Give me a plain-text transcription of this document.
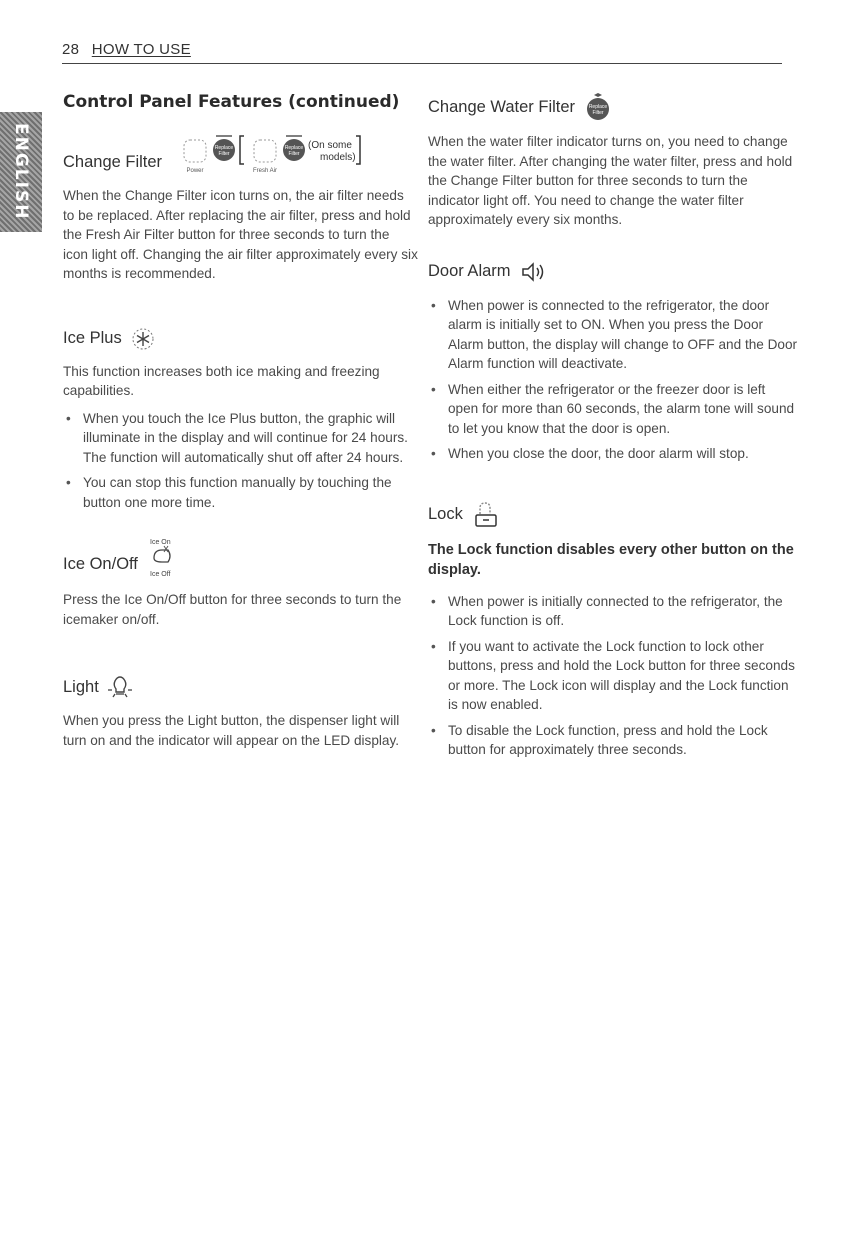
28 HOW TO USE
ENGLISH
Control Panel Features (continued)
Change Filter	Power
Replace
Filter
Fresh Air
Replace
Filter
(On some
models)

When the Change Filter icon turns on, the air filter needs to be replaced. After replacing the air filter, press and hold the Fresh Air Filter button for three seconds to turn the icon light off. Changing the air filter approximately every six months is recommended.

Ice Plus

This function increases both ice making and freezing capabilities.

• When you touch the Ice Plus button, the graphic will illuminate in the display and will continue for 24 hours. The function will automatically shut off after 24 hours.
• You can stop this function manually by touching the button one more time.
Ice On/Off
Ice On
Ice Off

Press the Ice On/Off button for three seconds to turn the icemaker on/off.

Light

When you press the Light button, the dispenser light will turn on and the indicator will appear on the LED display.

Change Water Filter	Replace
Filter

When the water filter indicator turns on, you need to change the water filter. After changing the water filter, press and hold the Change Filter button for three seconds to turn the indicator light off. You need to change the water filter approximately every six months.

Door Alarm
• When power is connected to the refrigerator, the door alarm is initially set to ON. When you press the Door Alarm button, the display will change to OFF and the Door Alarm function will deactivate.
• When either the refrigerator or the freezer door is left open for more than 60 seconds, the alarm tone will sound to let you know that the door is open.
• When you close the door, the door alarm will stop.
Lock
The Lock function disables every other button on the display.
• When power is initially connected to the refrigerator, the Lock function is off.
• If you want to activate the Lock function to lock other buttons, press and hold the Lock button for three seconds or more. The Lock icon will display and the Lock function is now enabled.
• To disable the Lock function, press and hold the Lock button for approximately three seconds.
